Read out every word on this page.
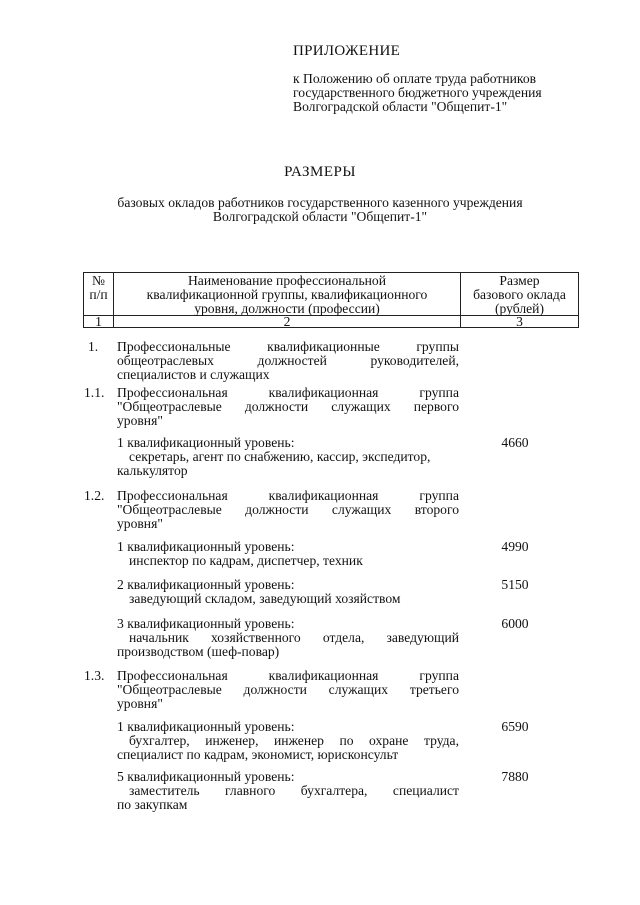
ПРИЛОЖЕНИЕ
к Положению об оплате труда работников
государственного бюджетного учреждения
Волгоградской области "Общепит-1"
РАЗМЕРЫ
базовых окладов работников государственного казенного учреждения
Волгоградской области "Общепит-1"
№
п/п
Наименование профессиональной
квалификационной группы, квалификационного
уровня, должности (профессии)
Размер
базового оклада
(рублей)
1	2	3
1. Профессиональные квалификационные группы
общеотраслевых должностей руководителей,
специалистов и служащих
1.1. Профессиональная квалификационная группа
"Общеотраслевые должности служащих первого
уровня"
1 квалификационный уровень:
секретарь, агент по снабжению, кассир, экспедитор,
калькулятор
4660
1.2. Профессиональная квалификационная группа
"Общеотраслевые должности служащих второго
уровня"
1 квалификационный уровень:
инспектор по кадрам, диспетчер, техник
4990
2 квалификационный уровень:
заведующий складом, заведующий хозяйством
5150
3 квалификационный уровень:
начальник хозяйственного отдела, заведующий
производством (шеф-повар)
6000
1.3. Профессиональная квалификационная группа
"Общеотраслевые должности служащих третьего
уровня"
1 квалификационный уровень:
бухгалтер, инженер, инженер по охране труда,
специалист по кадрам, экономист, юрисконсульт
6590
5 квалификационный уровень:
заместитель главного бухгалтера, специалист
по закупкам
7880
